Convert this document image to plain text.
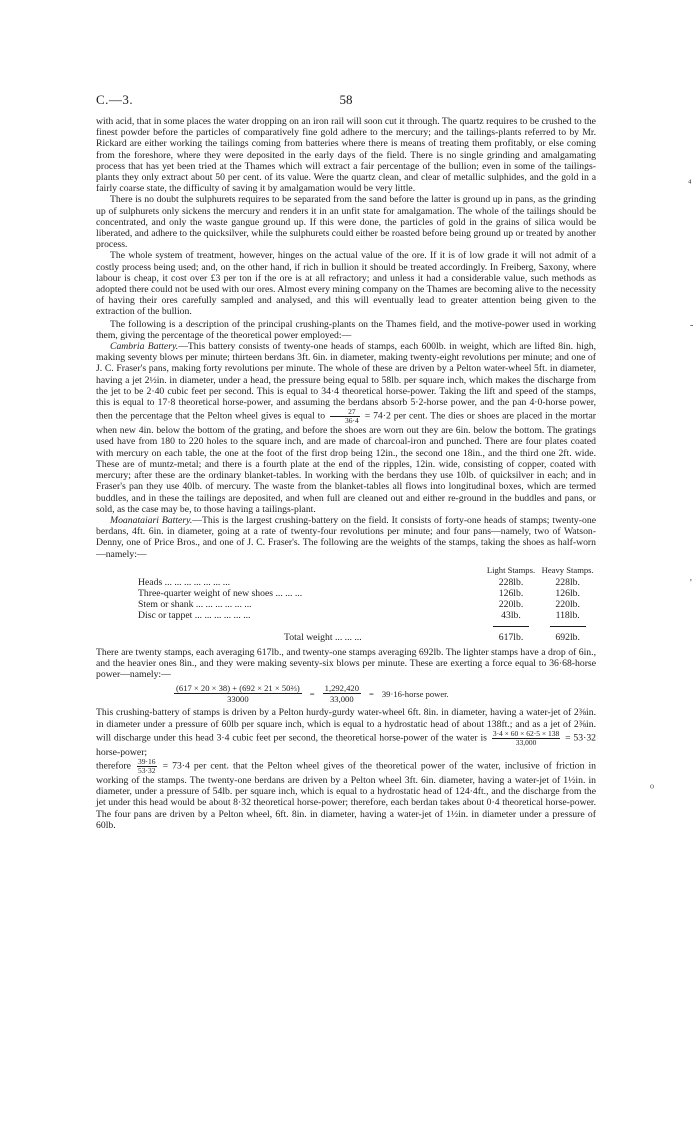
C.—3.	58

with acid, that in some places the water dropping on an iron rail will soon cut it through. The quartz requires to be crushed to the finest powder before the particles of comparatively fine gold adhere to the mercury; and the tailings-plants referred to by Mr. Rickard are either working the tailings coming from batteries where there is means of treating them profitably, or else coming from the foreshore, where they were deposited in the early days of the field. There is no single grinding and amalgamating process that has yet been tried at the Thames which will extract a fair percentage of the bullion; even in some of the tailings-plants they only extract about 50 per cent. of its value. Were the quartz clean, and clear of metallic sulphides, and the gold in a fairly coarse state, the difficulty of saving it by amalgamation would be very little.

There is no doubt the sulphurets requires to be separated from the sand before the latter is ground up in pans, as the grinding up of sulphurets only sickens the mercury and renders it in an unfit state for amalgamation. The whole of the tailings should be concentrated, and only the waste gangue ground up. If this were done, the particles of gold in the grains of silica would be liberated, and adhere to the quicksilver, while the sulphurets could either be roasted before being ground up or treated by another process.

The whole system of treatment, however, hinges on the actual value of the ore. If it is of low grade it will not admit of a costly process being used; and, on the other hand, if rich in bullion it should be treated accordingly. In Freiberg, Saxony, where labour is cheap, it cost over £3 per ton if the ore is at all refractory; and unless it had a considerable value, such methods as adopted there could not be used with our ores. Almost every mining company on the Thames are becoming alive to the necessity of having their ores carefully sampled and analysed, and this will eventually lead to greater attention being given to the extraction of the bullion.

The following is a description of the principal crushing-plants on the Thames field, and the motive-power used in working them, giving the percentage of the theoretical power employed:—

Cambria Battery.—This battery consists of twenty-one heads of stamps, each 600lb. in weight, which are lifted 8in. high, making seventy blows per minute; thirteen berdans 3ft. 6in. in diameter, making twenty-eight revolutions per minute; and one of J. C. Fraser's pans, making forty revolutions per minute. The whole of these are driven by a Pelton water-wheel 5ft. in diameter, having a jet 2½in. in diameter, under a head, the pressure being equal to 58lb. per square inch, which makes the discharge from the jet to be 2·40 cubic feet per second. This is equal to 34·4 theoretical horse-power. Taking the lift and speed of the stamps, this is equal to 17·8 theoretical horse-power, and assuming the berdans absorb 5·2-horse power, and the pan 4·0-horse power, then the percentage that the Pelton wheel gives is equal to $\frac{27}{36\cdot 4} = 74\cdot 2$ per cent. The dies or shoes are placed in the mortar when new 4in. below the bottom of the grating, and before the shoes are worn out they are 6in. below the bottom. The gratings used have from 180 to 220 holes to the square inch, and are made of charcoal-iron and punched. There are four plates coated with mercury on each table, the one at the foot of the first drop being 12in., the second one 18in., and the third one 2ft. wide. These are of muntz-metal; and there is a fourth plate at the end of the ripples, 12in. wide, consisting of copper, coated with mercury; after these are the ordinary blanket-tables. In working with the berdans they use 10lb. of quicksilver in each; and in Fraser's pan they use 40lb. of mercury. The waste from the blanket-tables all flows into longitudinal boxes, which are termed buddles, and in these the tailings are deposited, and when full are cleaned out and either re-ground in the buddles and pans, or sold, as the case may be, to those having a tailings-plant.

Moanataiari Battery.—This is the largest crushing-battery on the field. It consists of forty-one heads of stamps; twenty-one berdans, 4ft. 6in. in diameter, going at a rate of twenty-four revolutions per minute; and four pans—namely, two of Watson-Denny, one of Price Bros., and one of J. C. Fraser's. The following are the weights of the stamps, taking the shoes as half-worn—namely:—

	Light Stamps.	Heavy Stamps.
Heads ... ... ... ... ... ... ...	228lb.	228lb.
Three-quarter weight of new shoes ... ... ...	126lb.	126lb.
Stem or shank ... ... ... ... ... ...	220lb.	220lb.
Disc or tappet ... ... ... ... ... ...	43lb.	118lb.

Total weight ... ... ...	617lb.	692lb.

There are twenty stamps, each averaging 617lb., and twenty-one stamps averaging 692lb. The lighter stamps have a drop of 6in., and the heavier ones 8in., and they were making seventy-six blows per minute. These are exerting a force equal to 36·68-horse power—namely:—

$\frac{\text{(617 × 20 × 38) + (692 × 21 × 50⅔)}}{33000} = \frac{1,292,420}{33,000}$ = 39·16-horse power.

This crushing-battery of stamps is driven by a Pelton hurdy-gurdy water-wheel 6ft. 8in. in diameter, having a water-jet of 2⅜in. in diameter under a pressure of 60lb per square inch, which is equal to a hydrostatic head of about 138ft.; and as a jet of 2⅜in. will discharge under this head 3·4 cubic feet per second, the theoretical horse-power of the water is $\frac{3\cdot 4 \times 60 \times 62\cdot 5 \times 138}{33,000} = 53\cdot 32$ horse-power;

therefore $\frac{39\cdot 16}{53\cdot 32} = 73\cdot 4$ per cent. that the Pelton wheel gives of the theoretical power of the water, inclusive of friction in working of the stamps. The twenty-one berdans are driven by a Pelton wheel 3ft. 6in. diameter, having a water-jet of 1½in. in diameter, under a pressure of 54lb. per square inch, which is equal to a hydrostatic head of 124·4ft., and the discharge from the jet under this head would be about 8·32 theoretical horse-power; therefore, each berdan takes about 0·4 theoretical horse-power. The four pans are driven by a Pelton wheel, 6ft. 8in. in diameter, having a water-jet of 1½in. in diameter under a pressure of 60lb.

⁴
-
'
⁰
